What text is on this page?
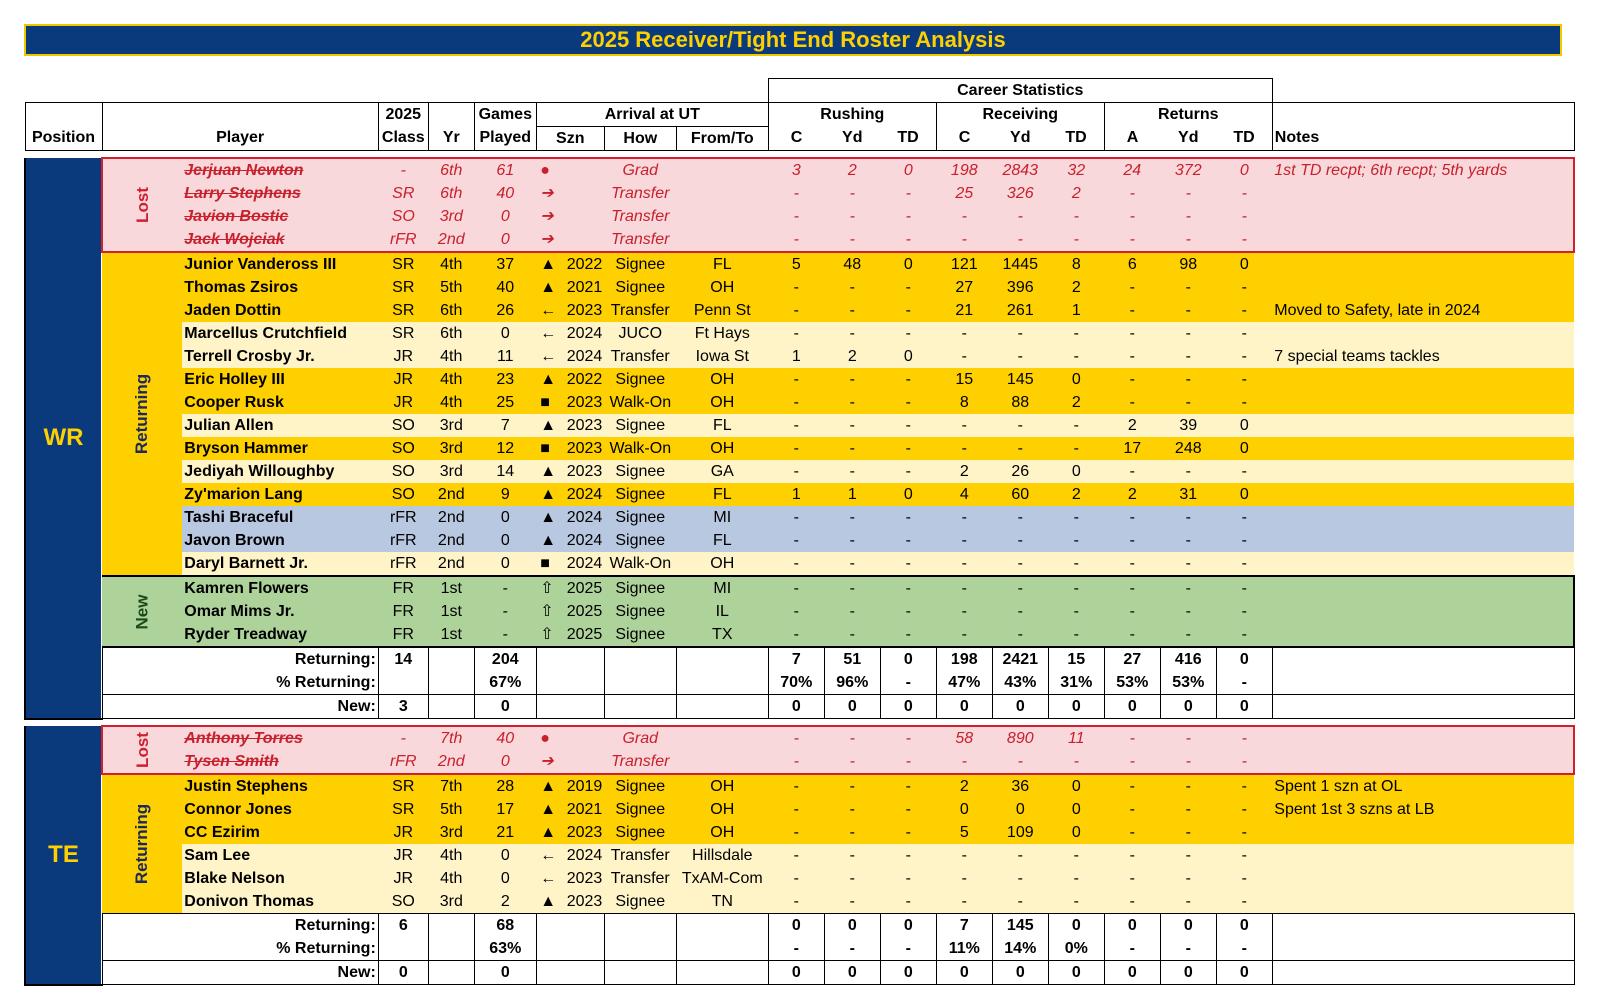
2025 Receiver/Tight End Roster Analysis
									Career Statistics									
			2025		Games	Arrival at UT			Rushing			Receiving			Returns			
Position	Player		Class	Yr	Played	Szn	How	From/To	C	Yd	TD	C	Yd	TD	A	Yd	TD	Notes

WR	Lost	Jerjuan Newton	-	6th	61	●	Grad		3	2	0	198	2843	32	24	372	0	1st TD recpt; 6th recpt; 5th yards
		Larry Stephens	SR	6th	40	➔	Transfer		-	-	-	25	326	2	-	-	-	
		Javion Bostic	SO	3rd	0	➔	Transfer		-	-	-	-	-	-	-	-	-	
		Jack Wojciak	rFR	2nd	0	➔	Transfer		-	-	-	-	-	-	-	-	-	
	Returning	Junior Vandeross III	SR	4th	37	▲ 2022	Signee	FL	5	48	0	121	1445	8	6	98	0	
		Thomas Zsiros	SR	5th	40	▲ 2021	Signee	OH	-	-	-	27	396	2	-	-	-	
		Jaden Dottin	SR	6th	26	← 2023	Transfer	Penn St	-	-	-	21	261	1	-	-	-	Moved to Safety, late in 2024
		Marcellus Crutchfield	SR	6th	0	← 2024	JUCO	Ft Hays	-	-	-	-	-	-	-	-	-	
		Terrell Crosby Jr.	JR	4th	11	← 2024	Transfer	Iowa St	1	2	0	-	-	-	-	-	-	7 special teams tackles
		Eric Holley III	JR	4th	23	▲ 2022	Signee	OH	-	-	-	15	145	0	-	-	-	
		Cooper Rusk	JR	4th	25	■ 2023	Walk-On	OH	-	-	-	8	88	2	-	-	-	
		Julian Allen	SO	3rd	7	▲ 2023	Signee	FL	-	-	-	-	-	-	2	39	0	
		Bryson Hammer	SO	3rd	12	■ 2023	Walk-On	OH	-	-	-	-	-	-	17	248	0	
		Jediyah Willoughby	SO	3rd	14	▲ 2023	Signee	GA	-	-	-	2	26	0	-	-	-	
		Zy'marion Lang	SO	2nd	9	▲ 2024	Signee	FL	1	1	0	4	60	2	2	31	0	
		Tashi Braceful	rFR	2nd	0	▲ 2024	Signee	MI	-	-	-	-	-	-	-	-	-	
		Javon Brown	rFR	2nd	0	▲ 2024	Signee	FL	-	-	-	-	-	-	-	-	-	
		Daryl Barnett Jr.	rFR	2nd	0	■ 2024	Walk-On	OH	-	-	-	-	-	-	-	-	-	
	New	Kamren Flowers	FR	1st	-	⇧ 2025	Signee	MI	-	-	-	-	-	-	-	-	-	
		Omar Mims Jr.	FR	1st	-	⇧ 2025	Signee	IL	-	-	-	-	-	-	-	-	-	
		Ryder Treadway	FR	1st	-	⇧ 2025	Signee	TX	-	-	-	-	-	-	-	-	-	
	Returning:		14		204				7	51	0	198	2421	15	27	416	0	
	% Returning:				67%				70%	96%	-	47%	43%	31%	53%	53%	-	
	New:		3		0				0	0	0	0	0	0	0	0	0	

TE	Lost	Anthony Torres	-	7th	40	●	Grad		-	-	-	58	890	11	-	-	-	
		Tysen Smith	rFR	2nd	0	➔	Transfer		-	-	-	-	-	-	-	-	-	
	Returning	Justin Stephens	SR	7th	28	▲ 2019	Signee	OH	-	-	-	2	36	0	-	-	-	Spent 1 szn at OL
		Connor Jones	SR	5th	17	▲ 2021	Signee	OH	-	-	-	0	0	0	-	-	-	Spent 1st 3 szns at LB
		CC Ezirim	JR	3rd	21	▲ 2023	Signee	OH	-	-	-	5	109	0	-	-	-	
		Sam Lee	JR	4th	0	← 2024	Transfer	Hillsdale	-	-	-	-	-	-	-	-	-	
		Blake Nelson	JR	4th	0	← 2023	Transfer	TxAM-Com	-	-	-	-	-	-	-	-	-	
		Donivon Thomas	SO	3rd	2	▲ 2023	Signee	TN	-	-	-	-	-	-	-	-	-	
	Returning:		6		68				0	0	0	7	145	0	0	0	0	
	% Returning:				63%				-	-	-	11%	14%	0%	-	-	-	
	New:		0		0				0	0	0	0	0	0	0	0	0	
